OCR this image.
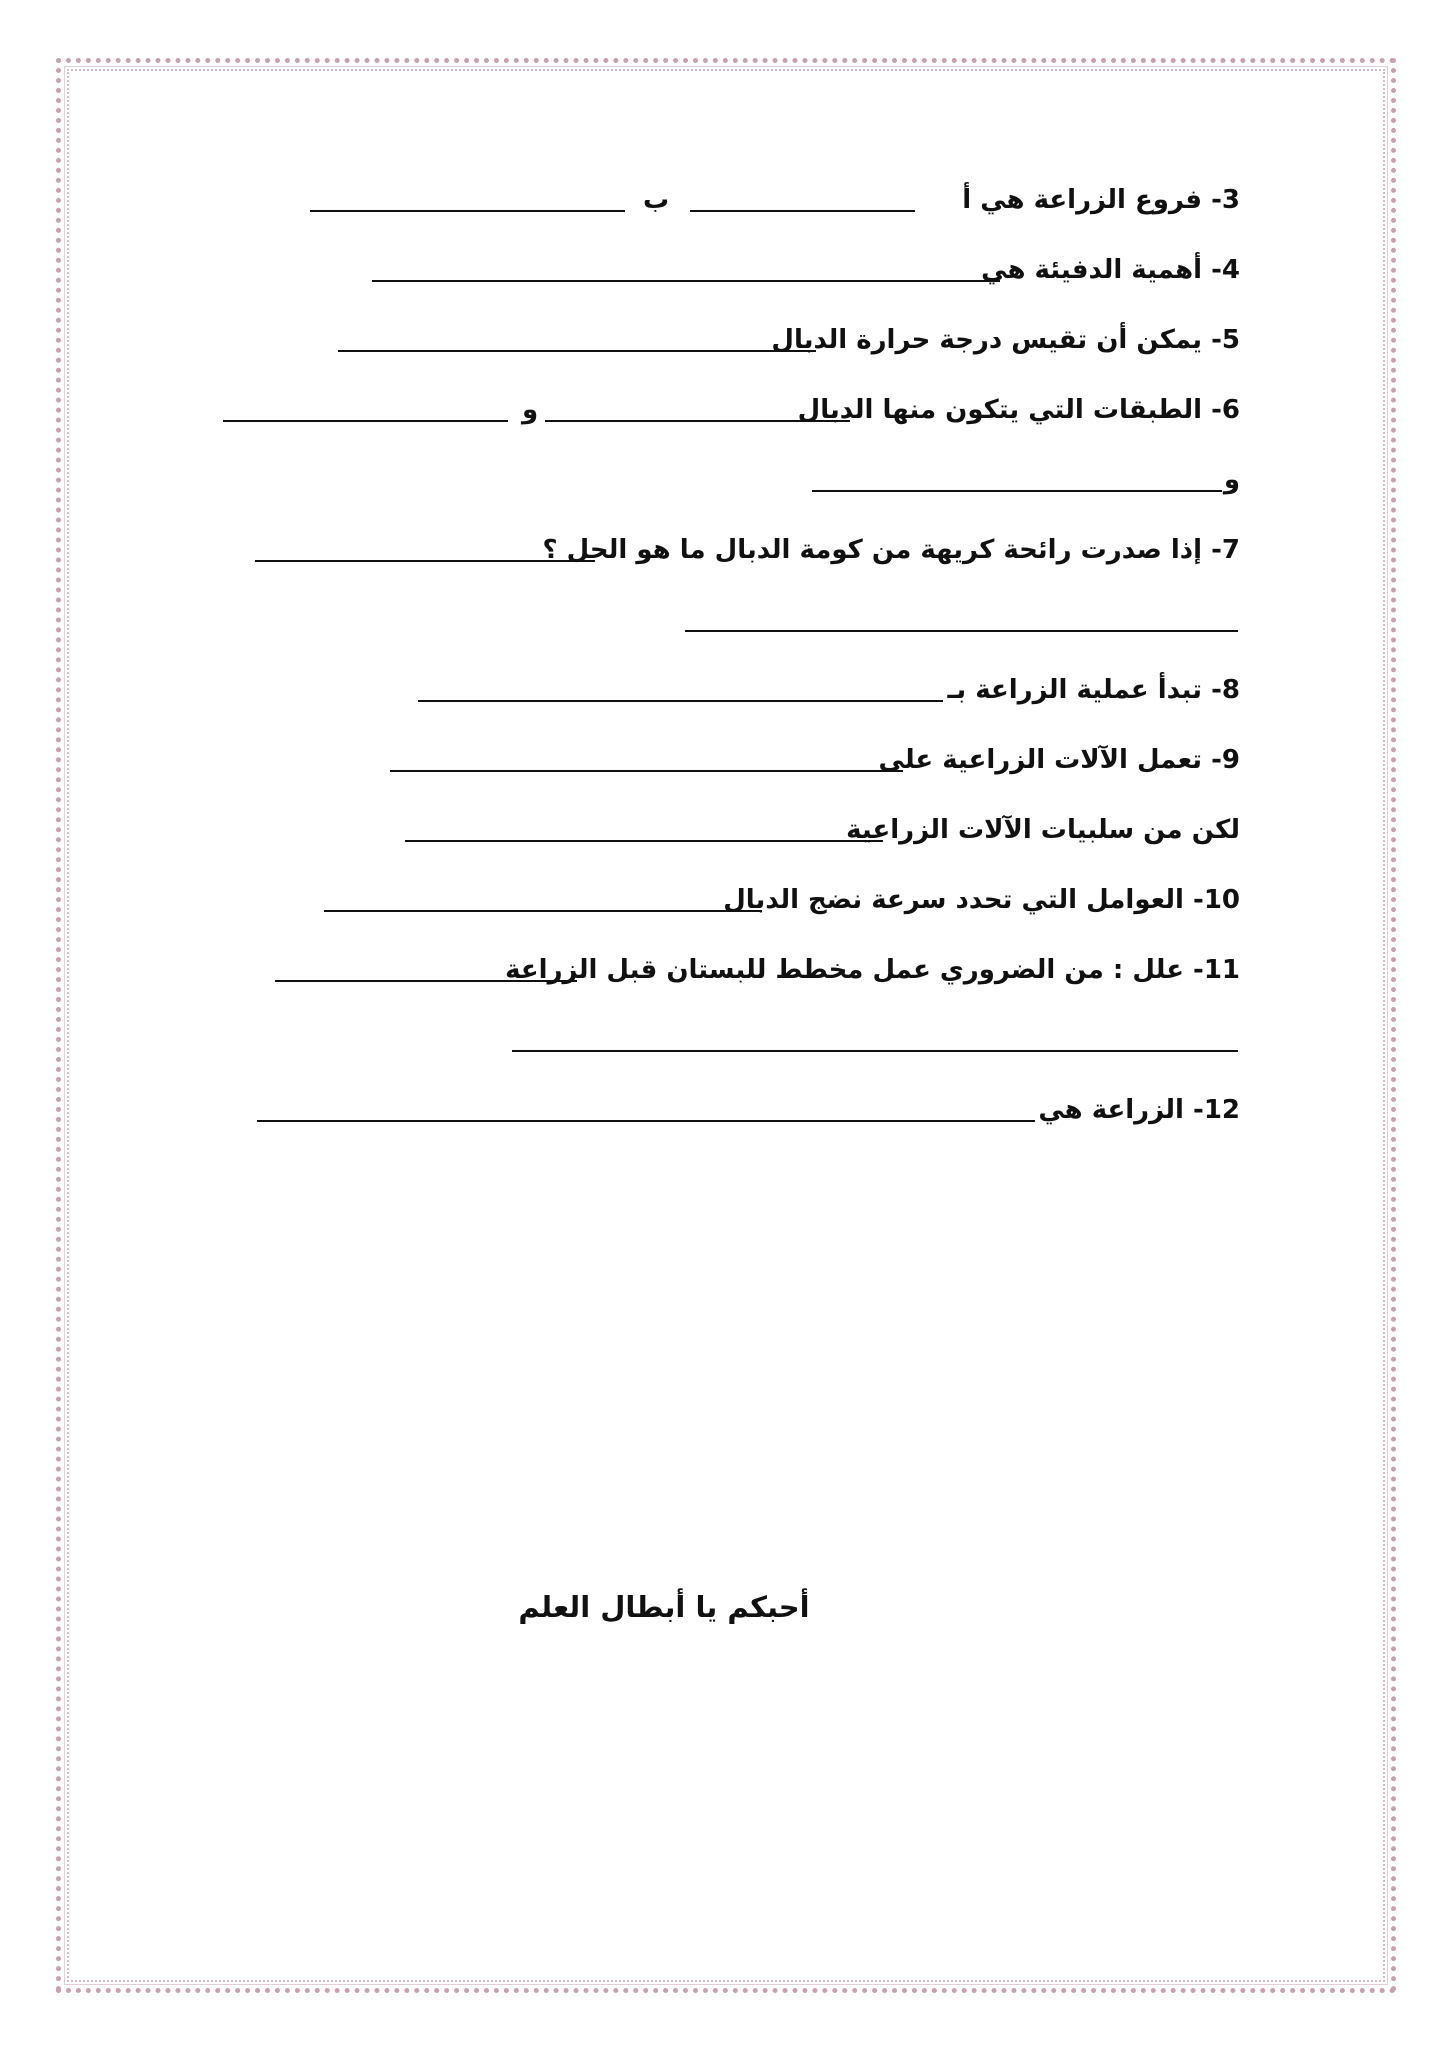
3- فروع الزراعة هي أ
ب
4- أهمية الدفيئة هي
5- يمكن أن تقيس درجة حرارة الدبال
6- الطبقات التي يتكون منها الدبال
و
و
7- إذا صدرت رائحة كريهة من كومة الدبال ما هو الحل ؟
8- تبدأ عملية الزراعة بـ
9- تعمل الآلات الزراعية على
لكن من سلبيات الآلات الزراعية
10- العوامل التي تحدد سرعة نضج الدبال
11- علل : من الضروري عمل مخطط للبستان قبل الزراعة
12- الزراعة هي
أحبكم يا أبطال العلم
